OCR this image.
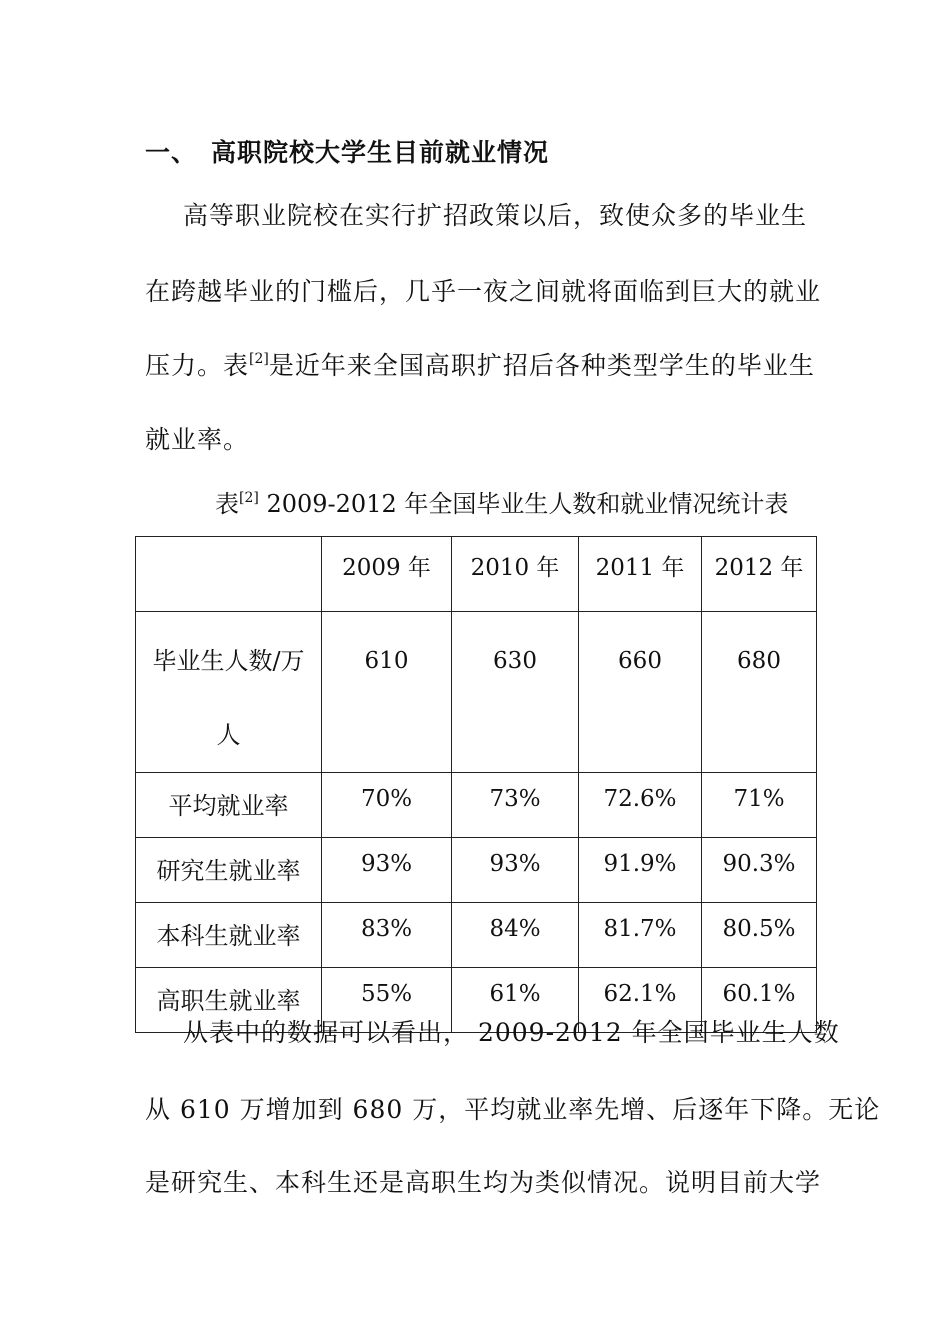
一、 高职院校大学生目前就业情况
高等职业院校在实行扩招政策以后，致使众多的毕业生
在跨越毕业的门槛后，几乎一夜之间就将面临到巨大的就业
压力。表[2]是近年来全国高职扩招后各种类型学生的毕业生
就业率。
表[2] 2009-2012 年全国毕业生人数和就业情况统计表
	2009 年	2010 年	2011 年	2012 年
毕业生人数/万
人	610	630	660	680
平均就业率	70%	73%	72.6%	71%
研究生就业率	93%	93%	91.9%	90.3%
本科生就业率	83%	84%	81.7%	80.5%
高职生就业率	55%	61%	62.1%	60.1%
从表中的数据可以看出， 2009-2012 年全国毕业生人数
从 610 万增加到 680 万，平均就业率先增、后逐年下降。无论
是研究生、本科生还是高职生均为类似情况。说明目前大学
